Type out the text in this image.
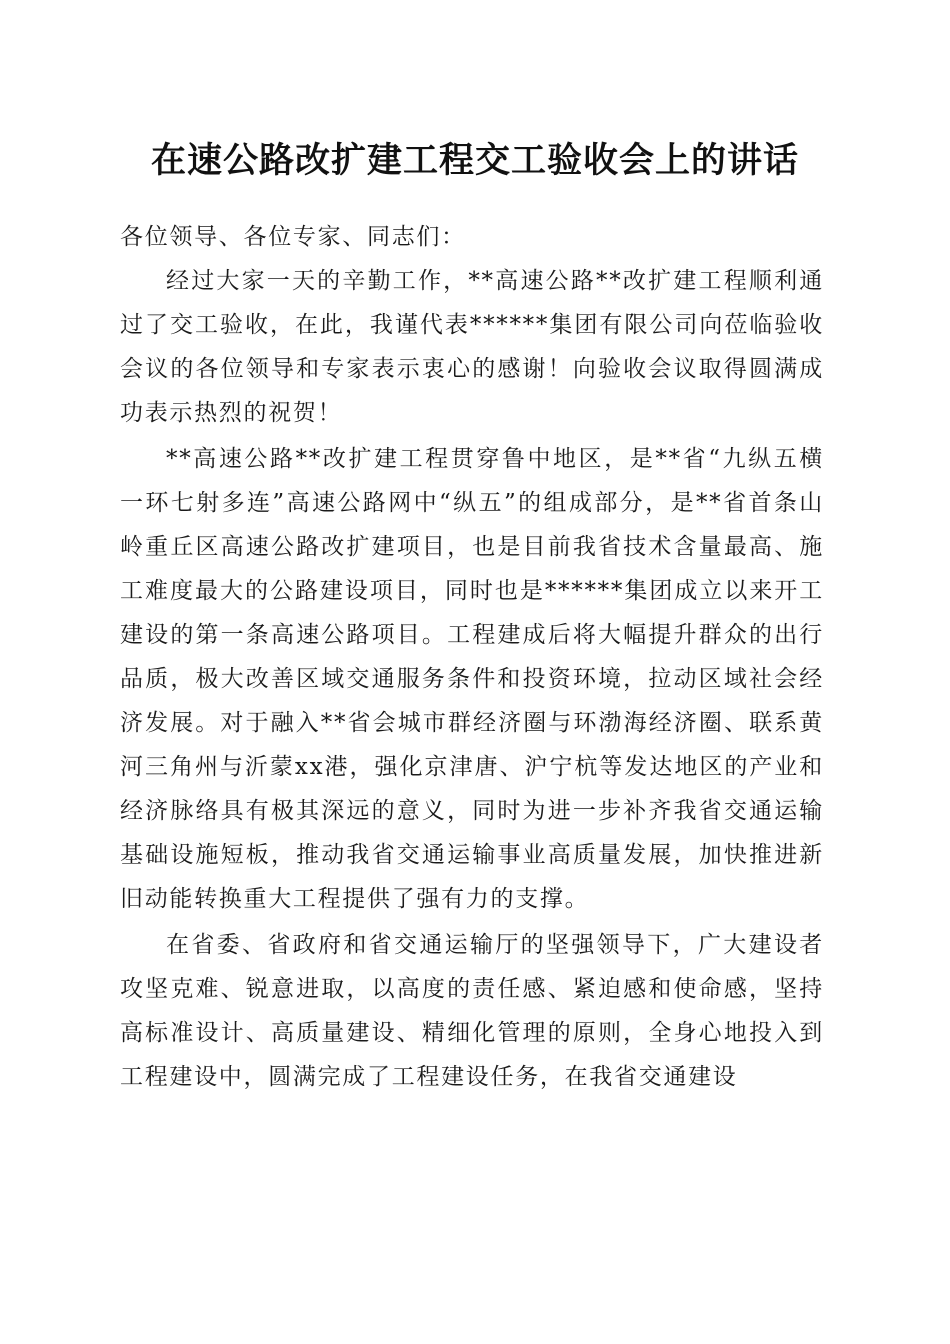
在速公路改扩建工程交工验收会上的讲话

各位领导、各位专家、同志们：

经过大家一天的辛勤工作，**高速公路**改扩建工程顺利通过了交工验收，在此，我谨代表******集团有限公司向莅临验收会议的各位领导和专家表示衷心的感谢！向验收会议取得圆满成功表示热烈的祝贺！

**高速公路**改扩建工程贯穿鲁中地区，是**省“九纵五横一环七射多连”高速公路网中“纵五”的组成部分，是**省首条山岭重丘区高速公路改扩建项目，也是目前我省技术含量最高、施工难度最大的公路建设项目，同时也是******集团成立以来开工建设的第一条高速公路项目。工程建成后将大幅提升群众的出行品质，极大改善区域交通服务条件和投资环境，拉动区域社会经济发展。对于融入**省会城市群经济圈与环渤海经济圈、联系黄河三角州与沂蒙xx港，强化京津唐、沪宁杭等发达地区的产业和经济脉络具有极其深远的意义，同时为进一步补齐我省交通运输基础设施短板，推动我省交通运输事业高质量发展，加快推进新旧动能转换重大工程提供了强有力的支撑。

在省委、省政府和省交通运输厅的坚强领导下，广大建设者攻坚克难、锐意进取，以高度的责任感、紧迫感和使命感，坚持高标准设计、高质量建设、精细化管理的原则，全身心地投入到工程建设中，圆满完成了工程建设任务，在我省交通建设
